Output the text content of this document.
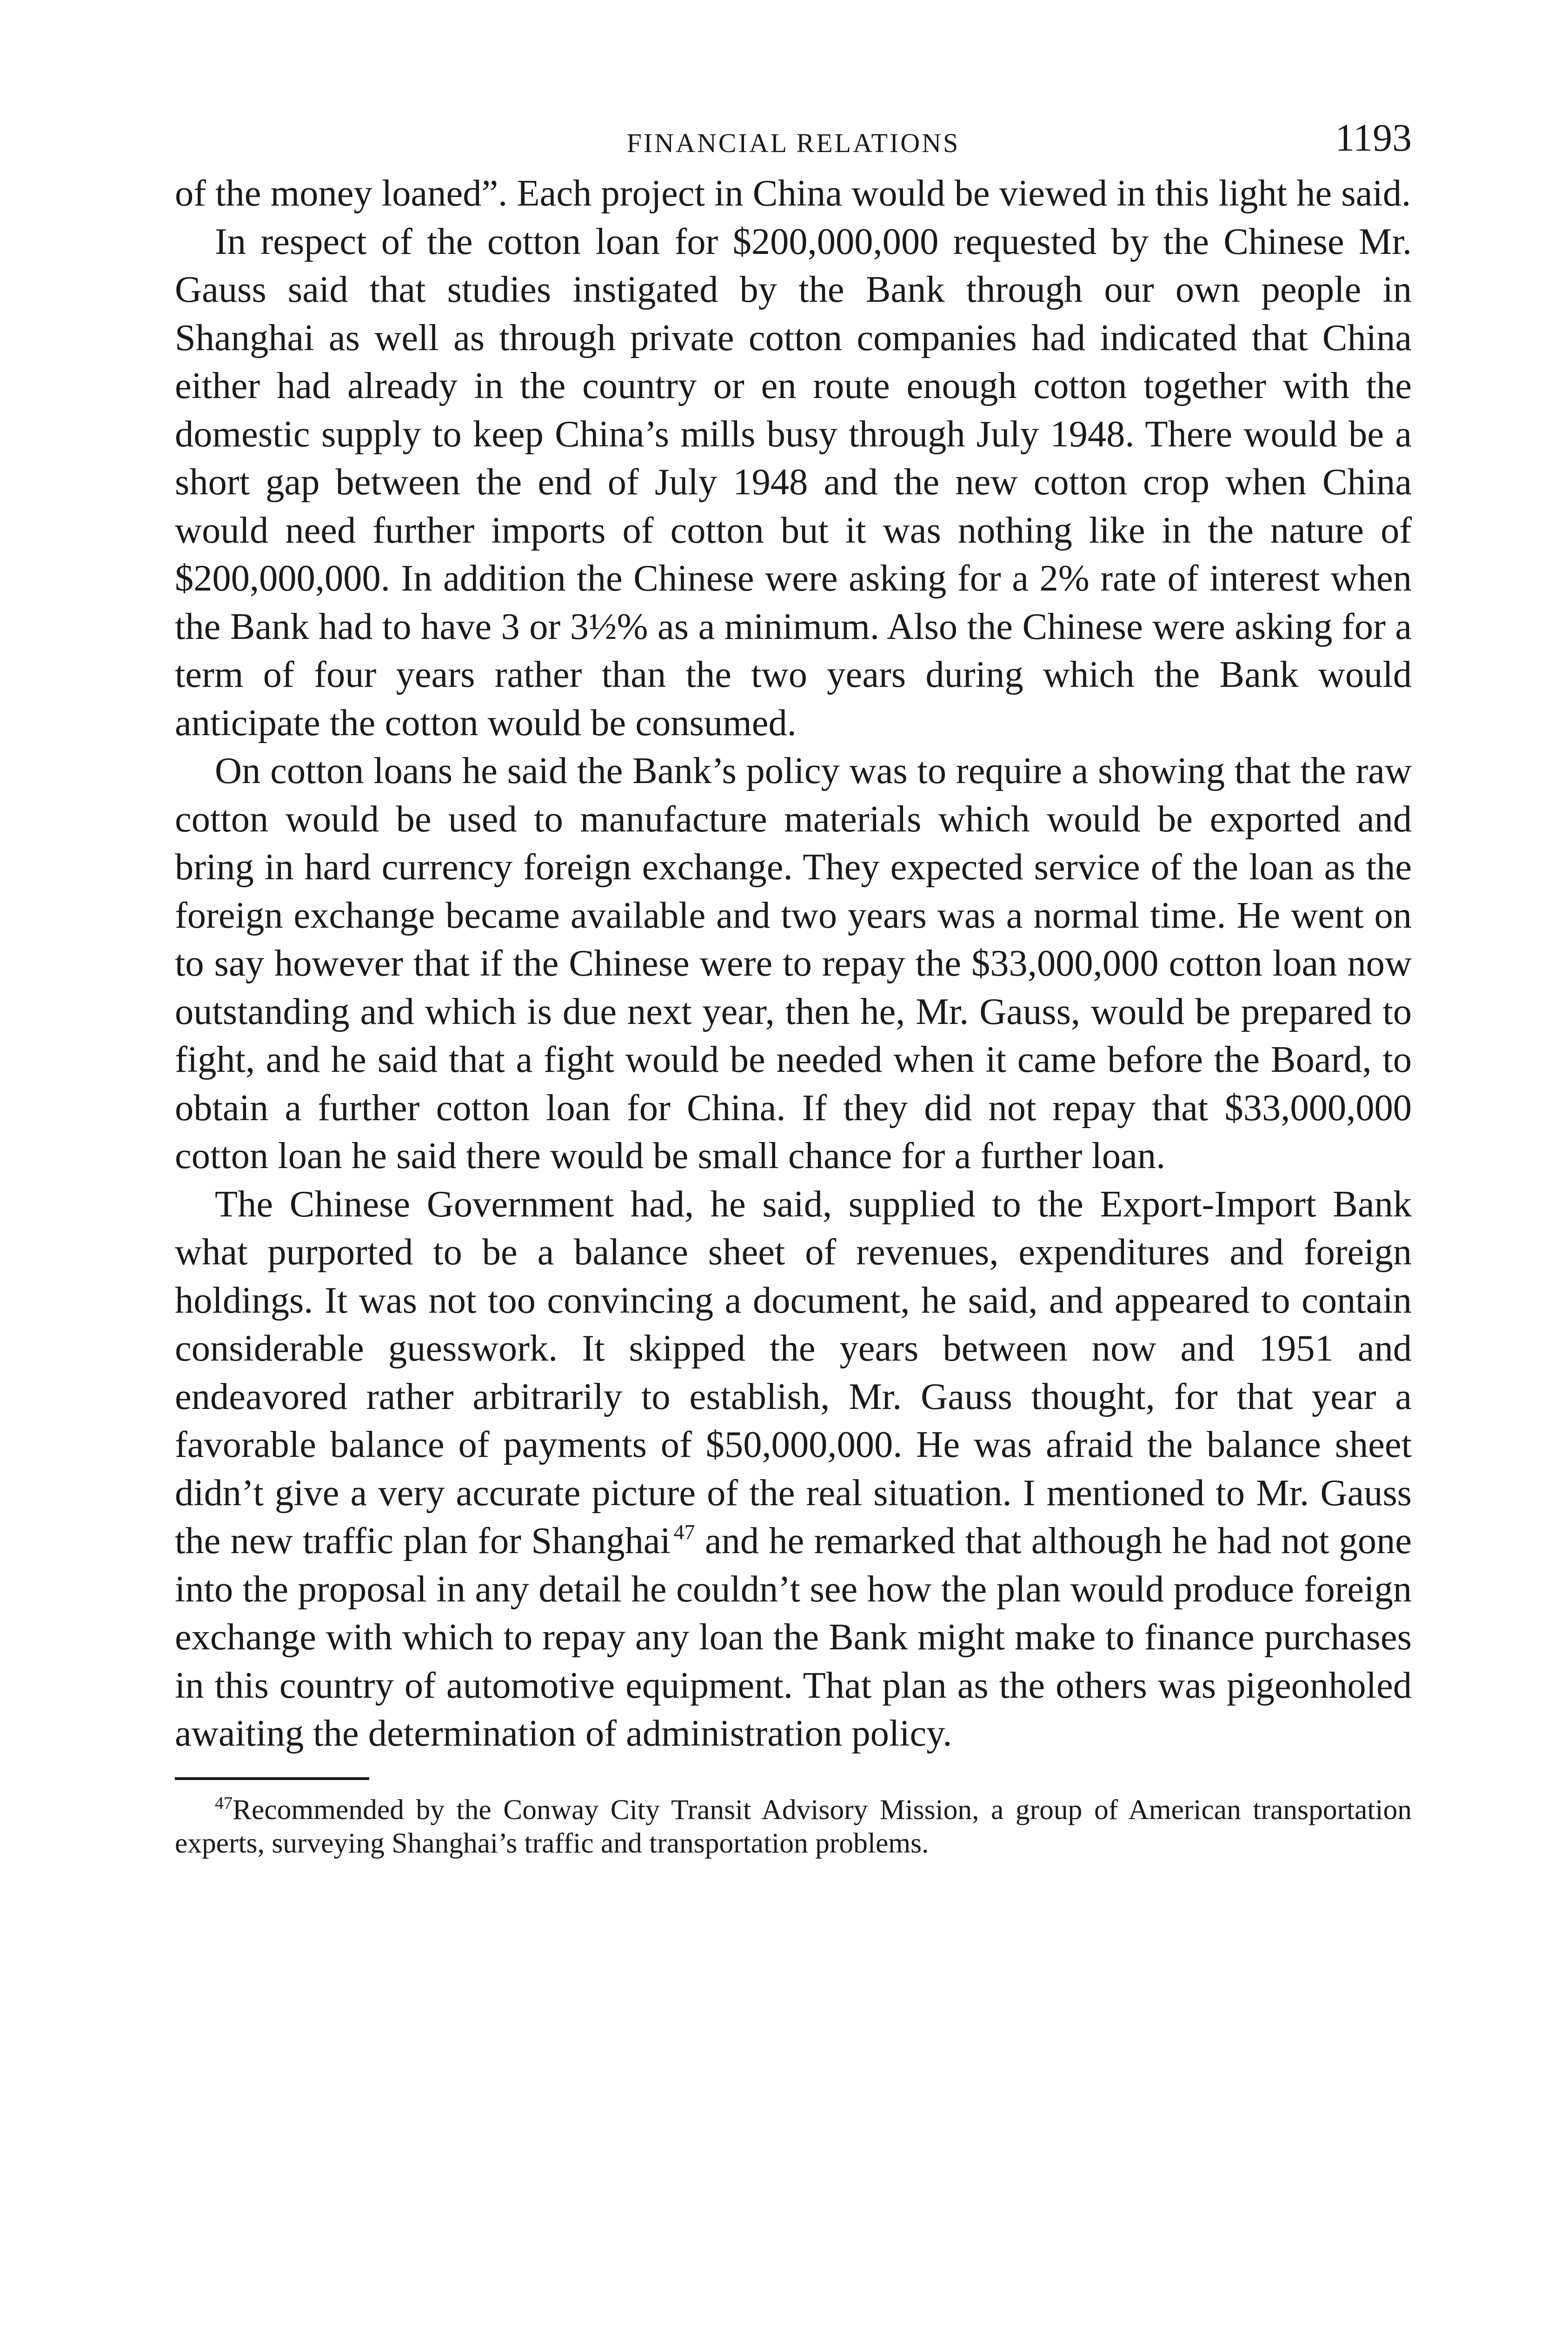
FINANCIAL RELATIONS	1193

of the money loaned”. Each project in China would be viewed in this light he said.

In respect of the cotton loan for $200,000,000 requested by the Chinese Mr. Gauss said that studies instigated by the Bank through our own people in Shanghai as well as through private cotton companies had indicated that China either had already in the country or en route enough cotton together with the domestic supply to keep China’s mills busy through July 1948. There would be a short gap between the end of July 1948 and the new cotton crop when China would need further imports of cotton but it was nothing like in the nature of $200,000,000. In addition the Chinese were asking for a 2% rate of interest when the Bank had to have 3 or 3½% as a minimum. Also the Chinese were asking for a term of four years rather than the two years during which the Bank would anticipate the cotton would be consumed.

On cotton loans he said the Bank’s policy was to require a showing that the raw cotton would be used to manufacture materials which would be exported and bring in hard currency foreign exchange. They expected service of the loan as the foreign exchange became available and two years was a normal time. He went on to say however that if the Chinese were to repay the $33,000,000 cotton loan now outstanding and which is due next year, then he, Mr. Gauss, would be prepared to fight, and he said that a fight would be needed when it came before the Board, to obtain a further cotton loan for China. If they did not repay that $33,000,000 cotton loan he said there would be small chance for a further loan.

The Chinese Government had, he said, supplied to the Export-Import Bank what purported to be a balance sheet of revenues, expenditures and foreign holdings. It was not too convincing a document, he said, and appeared to contain considerable guesswork. It skipped the years between now and 1951 and endeavored rather arbitrarily to establish, Mr. Gauss thought, for that year a favorable balance of payments of $50,000,000. He was afraid the balance sheet didn’t give a very accurate picture of the real situation. I mentioned to Mr. Gauss the new traffic plan for Shanghai  $^{47}$ and he remarked that although he had not gone into the proposal in any detail he couldn’t see how the plan would produce foreign exchange with which to repay any loan the Bank might make to finance purchases in this country of automotive equipment. That plan as the others was pigeonholed awaiting the determination of administration policy.

$^{47}$Recommended by the Conway City Transit Advisory Mission, a group of American transportation experts, surveying Shanghai’s traffic and transportation problems.
